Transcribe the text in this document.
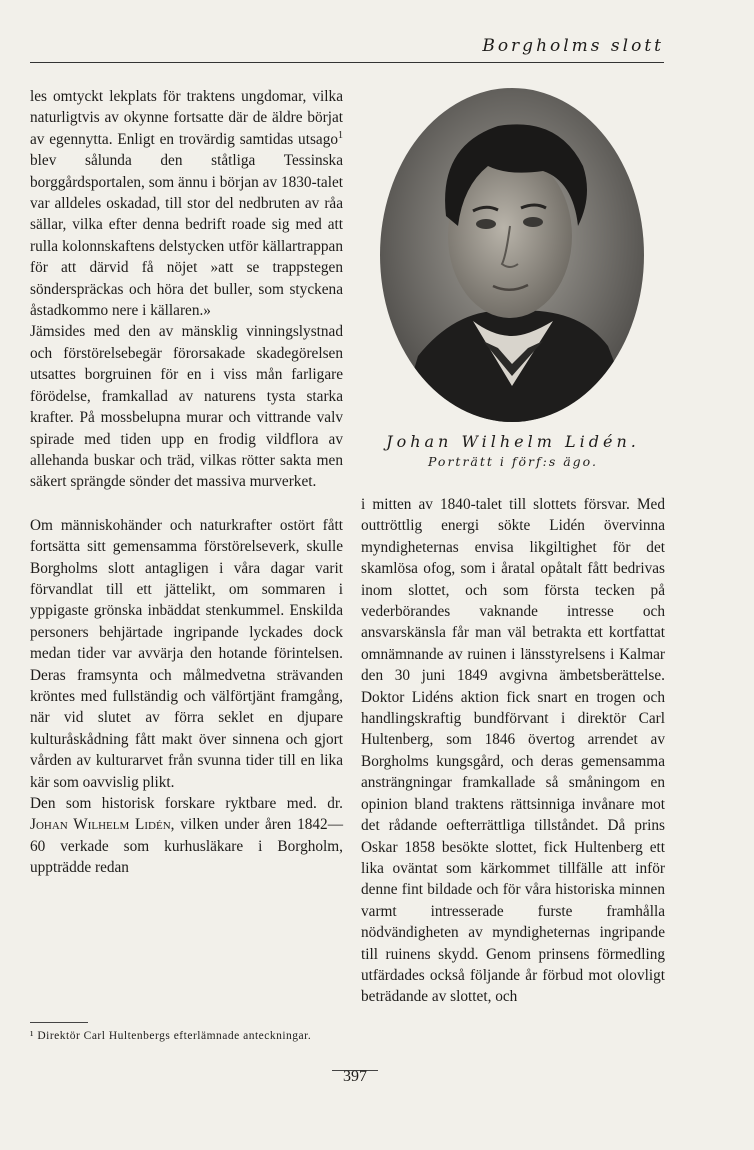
Borgholms slott

les omtyckt lekplats för traktens ungdomar, vilka naturligtvis av okynne fortsatte där de äldre börjat av egennytta. Enligt en trovärdig samtidas utsago$^1$ blev sålunda den ståtliga Tessinska borggårdsportalen, som ännu i början av 1830-talet var alldeles oskadad, till stor del nedbruten av råa sällar, vilka efter denna bedrift roade sig med att rulla kolonnskaftens delstycken utför källartrappan för att därvid få nöjet »att se trappstegen sönderspräckas och höra det buller, som styckena åstadkommo nere i källaren.»

Jämsides med den av mänsklig vinningslystnad och förstörelsebegär förorsakade skadegörelsen utsattes borgruinen för en i viss mån farligare förödelse, framkallad av naturens tysta starka krafter. På mossbelupna murar och vittrande valv spirade med tiden upp en frodig vildflora av allehanda buskar och träd, vilkas rötter sakta men säkert sprängde sönder det massiva murverket.

Om människohänder och naturkrafter ostört fått fortsätta sitt gemensamma förstörelseverk, skulle Borgholms slott antagligen i våra dagar varit förvandlat till ett jättelikt, om sommaren i yppigaste grönska inbäddat stenkummel. Enskilda personers behjärtade ingripande lyckades dock medan tider var avvärja den hotande förintelsen. Deras framsynta och målmedvetna strävanden kröntes med fullständig och välförtjänt framgång, när vid slutet av förra seklet en djupare kulturåskådning fått makt över sinnena och gjort vården av kulturarvet från svunna tider till en lika kär som oavvislig plikt.

Den som historisk forskare ryktbare med. dr. Johan Wilhelm Lidén, vilken under åren 1842—60 verkade som kurhusläkare i Borgholm, uppträdde redan

¹ Direktör Carl Hultenbergs efterlämnade anteckningar.
Johan Wilhelm Lidén.
Porträtt i förf:s ägo.

i mitten av 1840-talet till slottets försvar. Med outtröttlig energi sökte Lidén övervinna myndigheternas envisa likgiltighet för det skamlösa ofog, som i åratal opåtalt fått bedrivas inom slottet, och som första tecken på vederbörandes vaknande intresse och ansvarskänsla får man väl betrakta ett kortfattat omnämnande av ruinen i länsstyrelsens i Kalmar den 30 juni 1849 avgivna ämbetsberättelse. Doktor Lidéns aktion fick snart en trogen och handlingskraftig bundförvant i direktör Carl Hultenberg, som 1846 övertog arrendet av Borgholms kungsgård, och deras gemensamma ansträngningar framkallade så småningom en opinion bland traktens rättsinniga invånare mot det rådande oefterrättliga tillståndet. Då prins Oskar 1858 besökte slottet, fick Hultenberg ett lika oväntat som kärkommet tillfälle att inför denne fint bildade och för våra historiska minnen varmt intresserade furste framhålla nödvändigheten av myndigheternas ingripande till ruinens skydd. Genom prinsens förmedling utfärdades också följande år förbud mot olovligt beträdande av slottet, och

397
